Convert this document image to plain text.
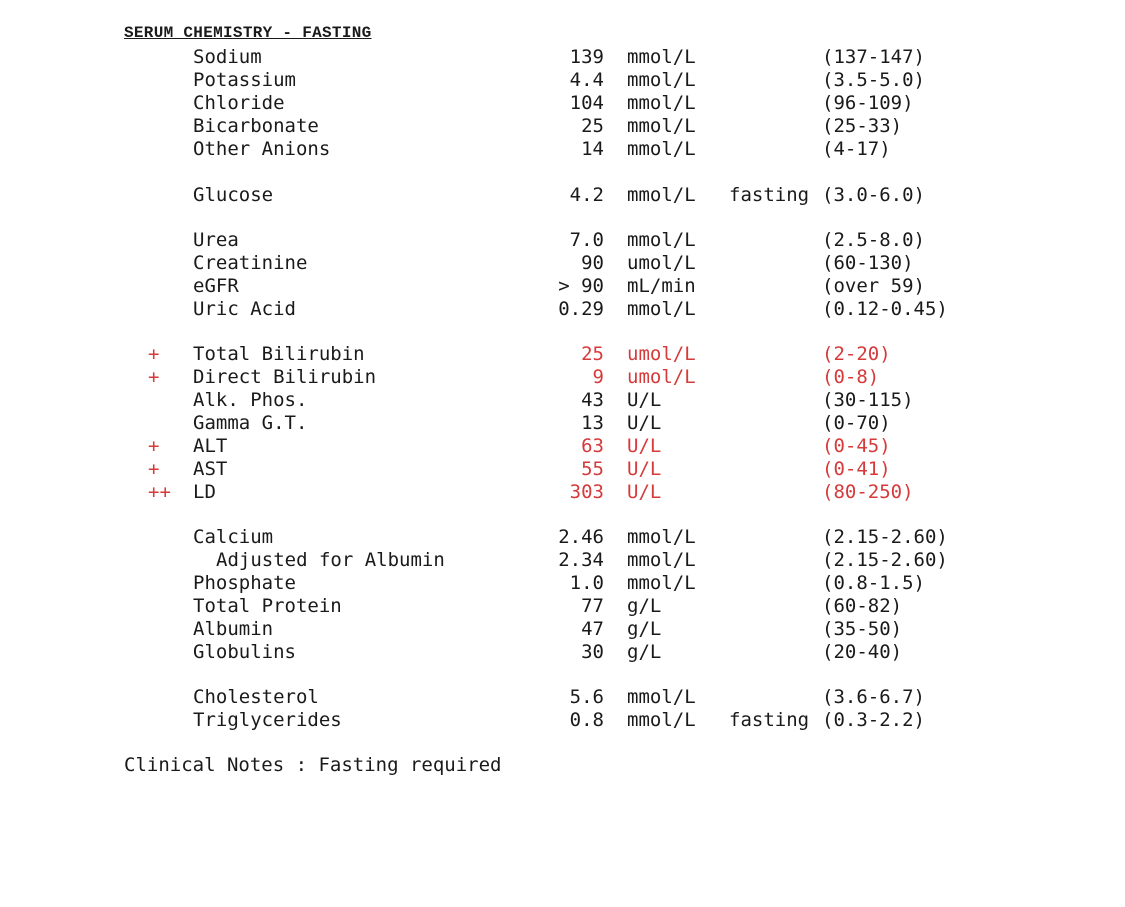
SERUM CHEMISTRY - FASTING
Sodium	139 mmol/L	(137-147)
Potassium	4.4 mmol/L	(3.5-5.0)
Chloride	104 mmol/L	(96-109)
Bicarbonate	25 mmol/L	(25-33)
Other Anions	14 mmol/L	(4-17)
Glucose	4.2 mmol/L fasting (3.0-6.0)
Urea	7.0 mmol/L	(2.5-8.0)
Creatinine	90 umol/L	(60-130)
eGFR	> 90 mL/min	(over 59)
Uric Acid	0.29 mmol/L	(0.12-0.45)
+ Total Bilirubin	25 umol/L	(2-20)
+ Direct Bilirubin	9 umol/L	(0-8)
Alk. Phos.	43 U/L	(30-115)
Gamma G.T.	13 U/L	(0-70)
+ ALT	63 U/L	(0-45)
+ AST	55 U/L	(0-41)
++ LD	303 U/L	(80-250)
Calcium	2.46 mmol/L	(2.15-2.60)
Adjusted for Albumin	2.34 mmol/L	(2.15-2.60)
Phosphate	1.0 mmol/L	(0.8-1.5)
Total Protein	77 g/L	(60-82)
Albumin	47 g/L	(35-50)
Globulins	30 g/L	(20-40)
Cholesterol	5.6 mmol/L	(3.6-6.7)
Triglycerides	0.8 mmol/L fasting (0.3-2.2)
Clinical Notes : Fasting required
